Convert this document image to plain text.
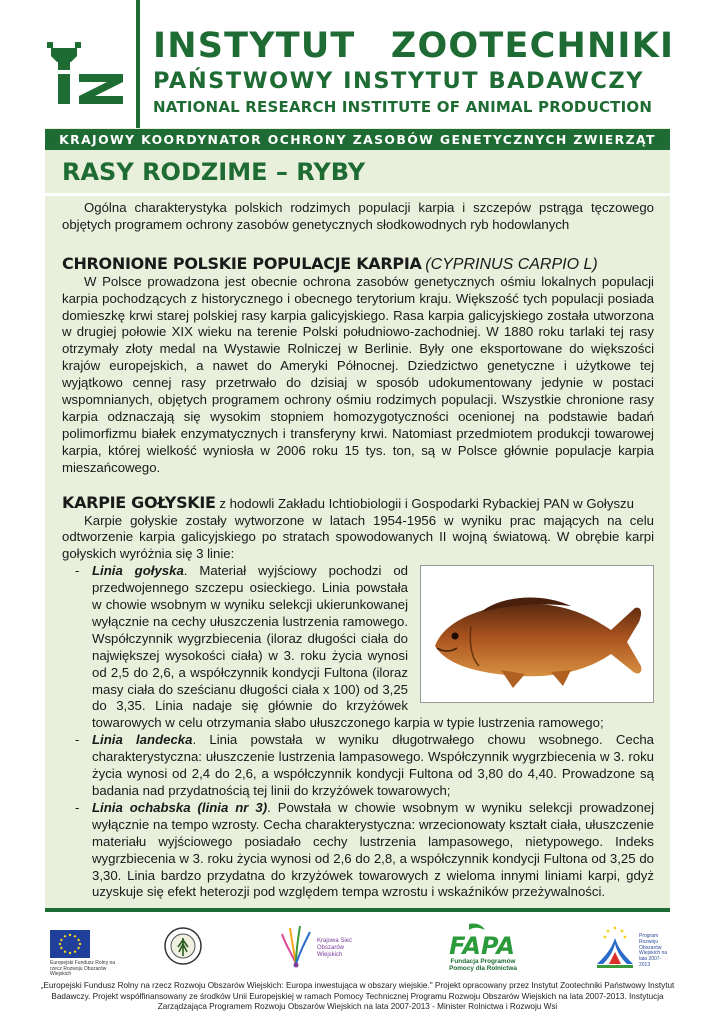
INSTYTUT ZOOTECHNIKI
PAŃSTWOWY INSTYTUT BADAWCZY
NATIONAL RESEARCH INSTITUTE OF ANIMAL PRODUCTION
KRAJOWY KOORDYNATOR OCHRONY ZASOBÓW GENETYCZNYCH ZWIERZĄT
RASY RODZIME – RYBY

Ogólna charakterystyka polskich rodzimych populacji karpia i szczepów pstrąga tęczowego objętych programem ochrony zasobów genetycznych słodkowodnych ryb hodowlanych

CHRONIONE POLSKIE POPULACJE KARPIA (CYPRINUS CARPIO L)

W Polsce prowadzona jest obecnie ochrona zasobów genetycznych ośmiu lokalnych populacji karpia pochodzących z historycznego i obecnego terytorium kraju. Większość tych populacji posiada domieszkę krwi starej polskiej rasy karpia galicyjskiego. Rasa karpia galicyjskiego została utworzona w drugiej połowie XIX wieku na terenie Polski południowo-zachodniej. W 1880 roku tarlaki tej rasy otrzymały złoty medal na Wystawie Rolniczej w Berlinie. Były one eksportowane do większości krajów europejskich, a nawet do Ameryki Północnej. Dziedzictwo genetyczne i użytkowe tej wyjątkowo cennej rasy przetrwało do dzisiaj w sposób udokumentowany jedynie w postaci wspomnianych, objętych programem ochrony ośmiu rodzimych populacji. Wszystkie chronione rasy karpia odznaczają się wysokim stopniem homozygotyczności ocenionej na podstawie badań polimorfizmu białek enzymatycznych i transferyny krwi. Natomiast przedmiotem produkcji towarowej karpia, której wielkość wyniosła w 2006 roku 15 tys. ton, są w Polsce głównie populacje karpia mieszańcowego.

KARPIE GOŁYSKIE z hodowli Zakładu Ichtiobiologii i Gospodarki Rybackiej PAN w Gołyszu

Karpie gołyskie zostały wytworzone w latach 1954-1956 w wyniku prac mających na celu odtworzenie karpia galicyjskiego po stratach spowodowanych II wojną światową. W obrębie karpi gołyskich wyróżnia się 3 linie:

- Linia gołyska. Materiał wyjściowy pochodzi od przedwojennego szczepu osieckiego. Linia powstała w chowie wsobnym w wyniku selekcji ukierunkowanej wyłącznie na cechy ułuszczenia lustrzenia ramowego. Współczynnik wygrzbiecenia (iloraz długości ciała do największej wysokości ciała) w 3. roku życia wynosi od 2,5 do 2,6, a współczynnik kondycji Fultona (iloraz masy ciała do sześcianu długości ciała x 100) od 3,25 do 3,35. Linia nadaje się głównie do krzyżówek towarowych w celu otrzymania słabo ułuszczonego karpia w typie lustrzenia ramowego;
- Linia landecka. Linia powstała w wyniku długotrwałego chowu wsobnego. Cecha charakterystyczna: ułuszczenie lustrzenia lampasowego. Współczynnik wygrzbiecenia w 3. roku życia wynosi od 2,4 do 2,6, a współczynnik kondycji Fultona od 3,80 do 4,40. Prowadzone są badania nad przydatnością tej linii do krzyżówek towarowych;
- Linia ochabska (linia nr 3). Powstała w chowie wsobnym w wyniku selekcji prowadzonej wyłącznie na tempo wzrosty. Cecha charakterystyczna: wrzecionowaty kształt ciała, ułuszczenie materiału wyjściowego posiadało cechy lustrzenia lampasowego, nietypowego. Indeks wygrzbiecenia w 3. roku życia wynosi od 2,6 do 2,8, a współczynnik kondycji Fultona od 3,25 do 3,30. Linia bardzo przydatna do krzyżówek towarowych z wieloma innymi liniami karpi, gdyż uzyskuje się efekt heterozji pod względem tempa wzrostu i wskaźników przeżywalności.
Europejski Fundusz Rolny na rzecz Rozwoju Obszarów Wiejskich
Krajowa Sieć Obszarów Wiejskich	FAPA
Fundacja Programów Pomocy dla Rolnictwa
Program Rozwoju Obszarów Wiejskich na lata 2007-2013
„Europejski Fundusz Rolny na rzecz Rozwoju Obszarów Wiejskich: Europa inwestująca w obszary wiejskie." Projekt opracowany przez Instytut Zootechniki Państwowy Instytut Badawczy. Projekt współfinansowany ze środków Unii Europejskiej w ramach Pomocy Technicznej Programu Rozwoju Obszarów Wiejskich na lata 2007-2013. Instytucja Zarządzająca Programem Rozwoju Obszarów Wiejskich na lata 2007-2013 - Minister Rolnictwa i Rozwoju Wsi
